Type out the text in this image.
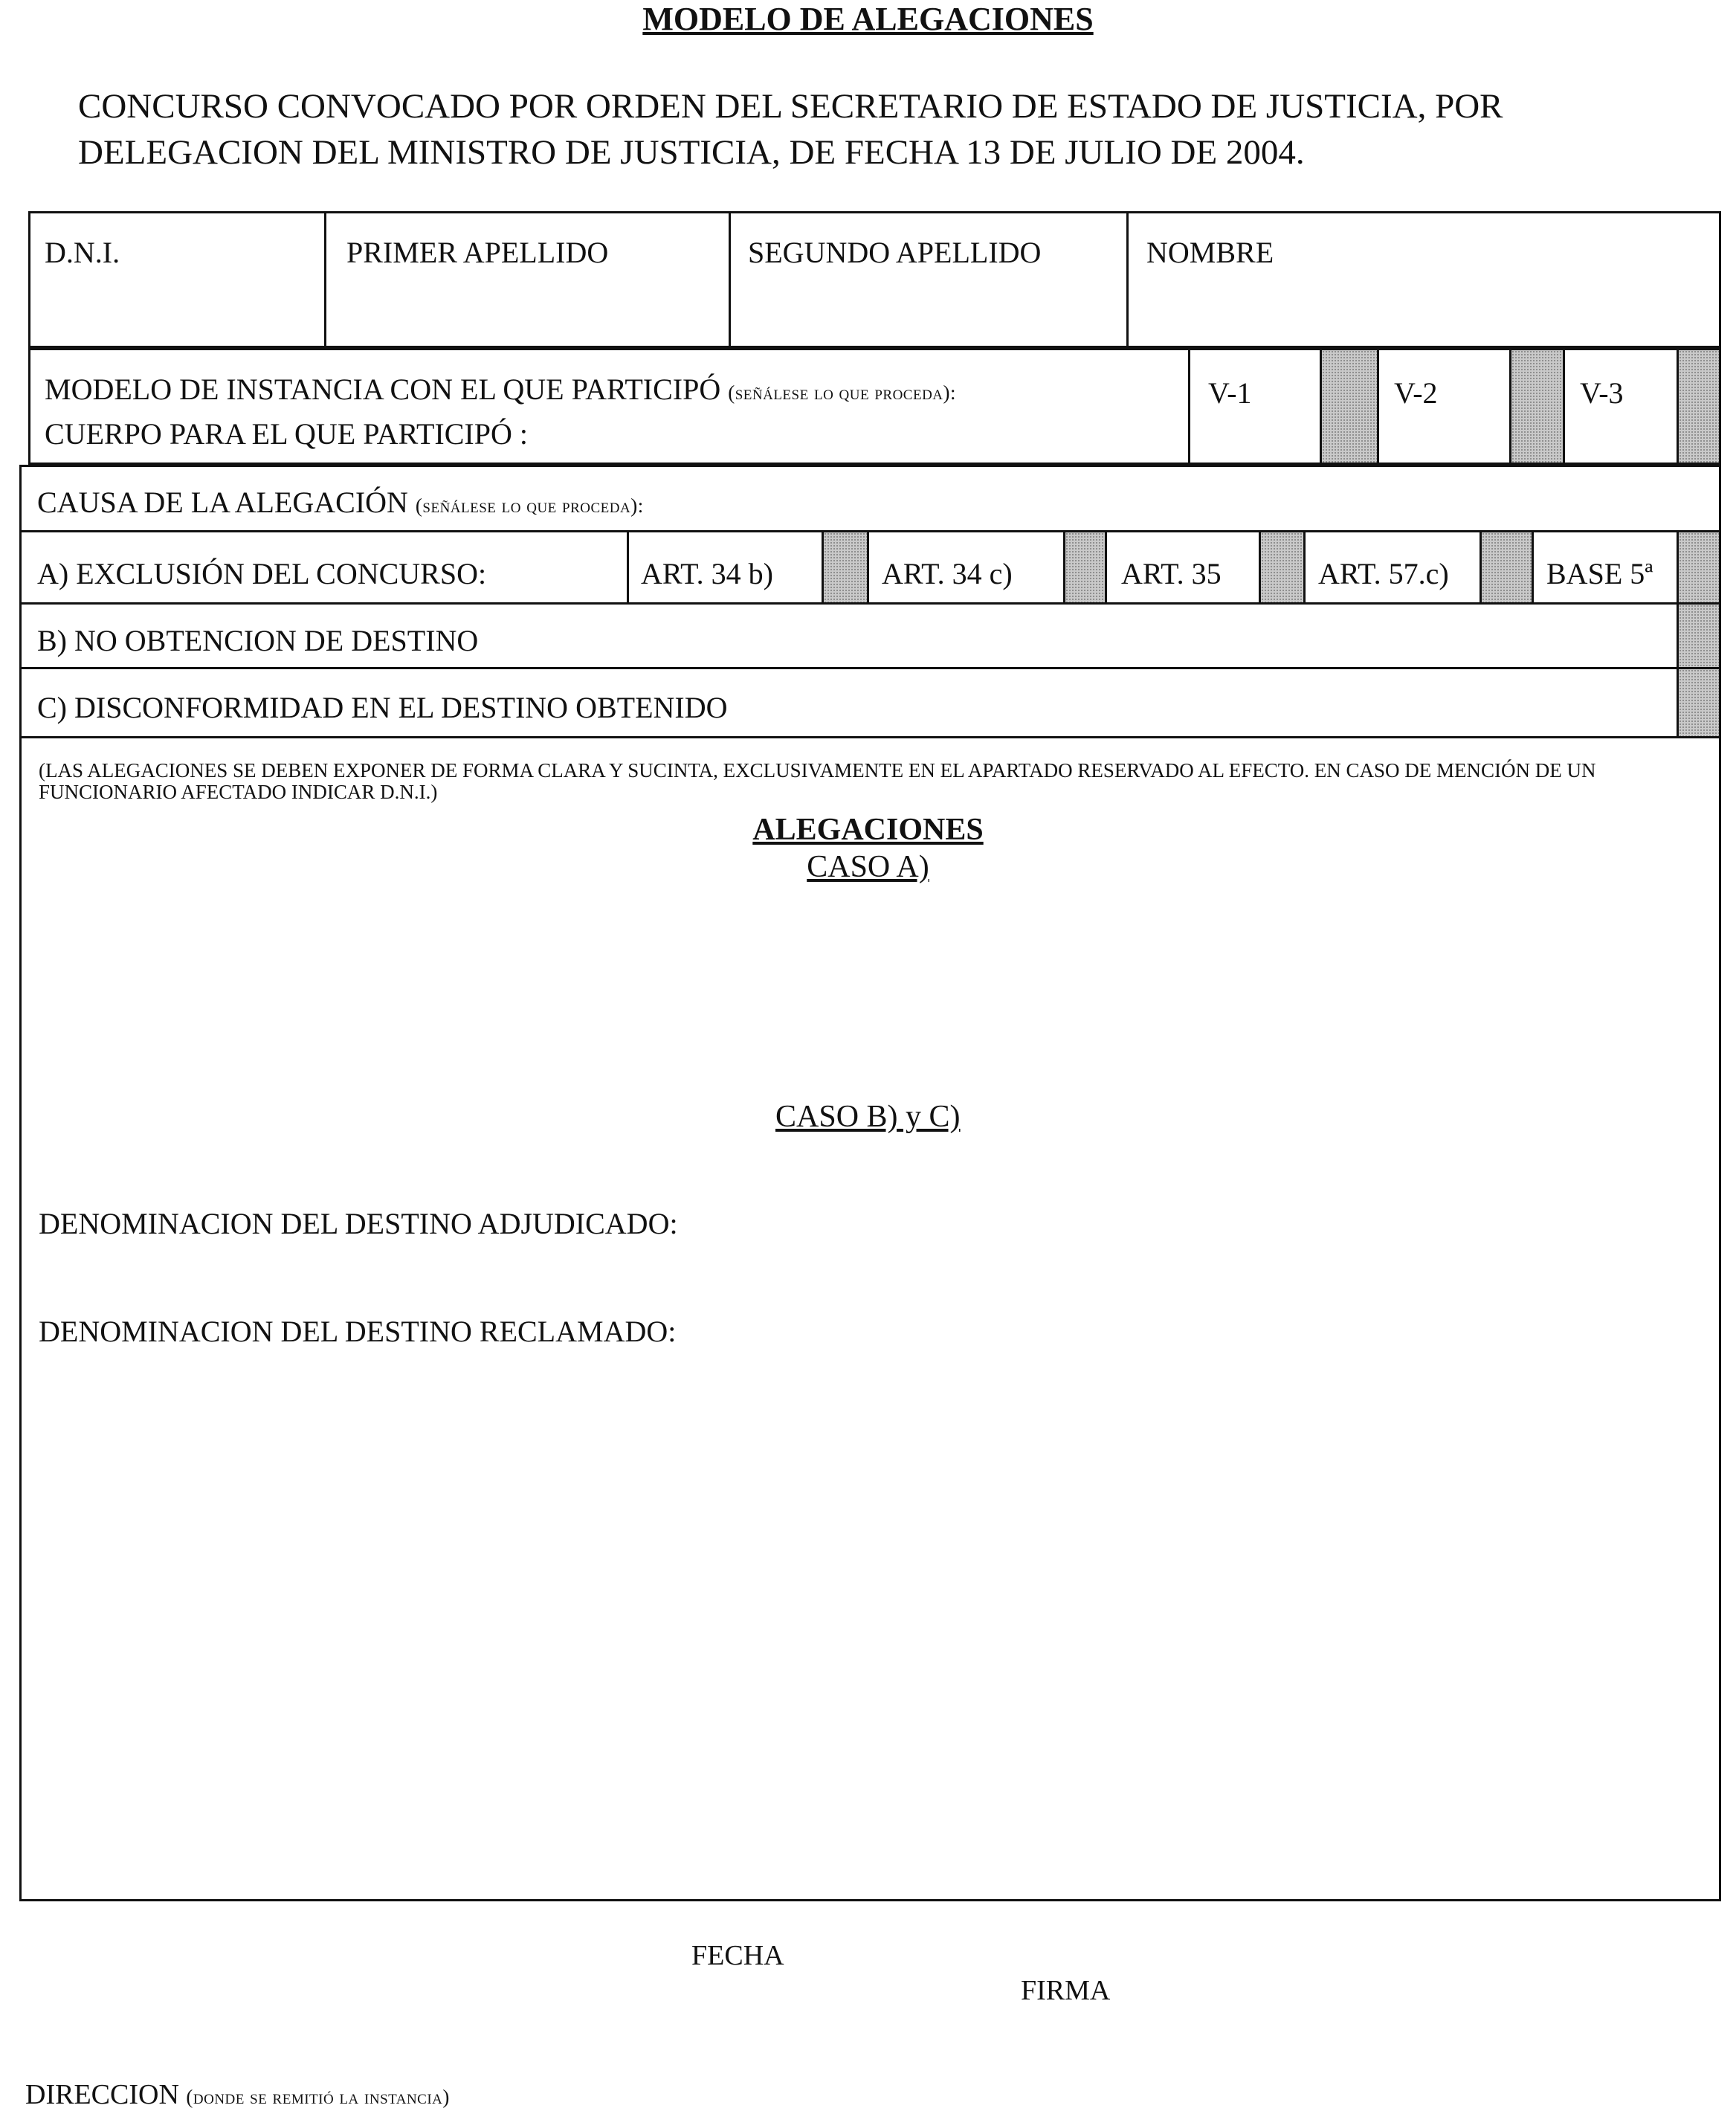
MODELO DE ALEGACIONES
CONCURSO CONVOCADO POR ORDEN DEL SECRETARIO DE ESTADO DE JUSTICIA, POR
DELEGACION DEL MINISTRO DE JUSTICIA, DE FECHA 13 DE JULIO DE 2004.
D.N.I.	PRIMER APELLIDO	SEGUNDO APELLIDO	NOMBRE
MODELO DE INSTANCIA CON EL QUE PARTICIPÓ (señálese lo que proceda):
CUERPO PARA EL QUE PARTICIPÓ :
V-1	V-2	V-3
CAUSA DE LA ALEGACIÓN (señálese lo que proceda):
A) EXCLUSIÓN DEL CONCURSO:	ART. 34 b)	ART. 34 c)	ART. 35	ART. 57.c)	BASE 5ª
B) NO OBTENCION DE DESTINO
C) DISCONFORMIDAD EN EL DESTINO OBTENIDO
(LAS ALEGACIONES SE DEBEN EXPONER DE FORMA CLARA Y SUCINTA, EXCLUSIVAMENTE EN EL APARTADO RESERVADO AL EFECTO. EN CASO DE MENCIÓN DE UN FUNCIONARIO AFECTADO INDICAR D.N.I.)
ALEGACIONES
CASO A)
CASO B) y C)
DENOMINACION DEL DESTINO ADJUDICADO:
DENOMINACION DEL DESTINO RECLAMADO:
FECHA
FIRMA
DIRECCION (donde se remitió la instancia)
